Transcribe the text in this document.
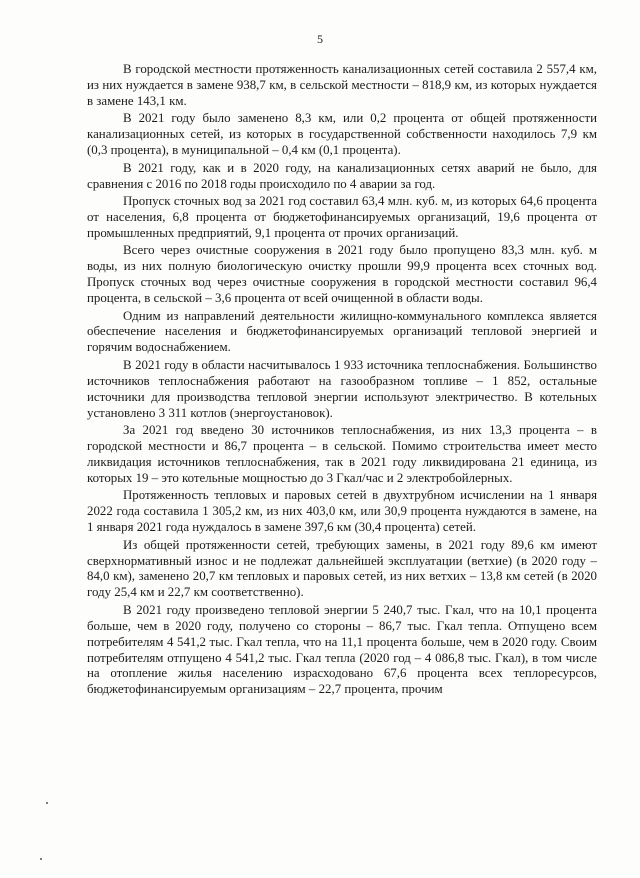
5

В городской местности протяженность канализационных сетей составила 2 557,4 км, из них нуждается в замене 938,7 км, в сельской местности – 818,9 км, из которых нуждается в замене 143,1 км.

В 2021 году было заменено 8,3 км, или 0,2 процента от общей протяженности канализационных сетей, из которых в государственной собственности находилось 7,9 км (0,3 процента), в муниципальной – 0,4 км (0,1 процента).

В 2021 году, как и в 2020 году, на канализационных сетях аварий не было, для сравнения с 2016 по 2018 годы происходило по 4 аварии за год.

Пропуск сточных вод за 2021 год составил 63,4 млн. куб. м, из которых 64,6 процента от населения, 6,8 процента от бюджетофинансируемых организаций, 19,6 процента от промышленных предприятий, 9,1 процента от прочих организаций.

Всего через очистные сооружения в 2021 году было пропущено 83,3 млн. куб. м воды, из них полную биологическую очистку прошли 99,9 процента всех сточных вод. Пропуск сточных вод через очистные сооружения в городской местности составил 96,4 процента, в сельской – 3,6 процента от всей очищенной в области воды.

Одним из направлений деятельности жилищно-коммунального комплекса является обеспечение населения и бюджетофинансируемых организаций тепловой энергией и горячим водоснабжением.

В 2021 году в области насчитывалось 1 933 источника теплоснабжения. Большинство источников теплоснабжения работают на газообразном топливе – 1 852, остальные источники для производства тепловой энергии используют электричество. В котельных установлено 3 311 котлов (энергоустановок).

За 2021 год введено 30 источников теплоснабжения, из них 13,3 процента – в городской местности и 86,7 процента – в сельской. Помимо строительства имеет место ликвидация источников теплоснабжения, так в 2021 году ликвидирована 21 единица, из которых 19 – это котельные мощностью до 3 Гкал/час и 2 электробойлерных.

Протяженность тепловых и паровых сетей в двухтрубном исчислении на 1 января 2022 года составила 1 305,2 км, из них 403,0 км, или 30,9 процента нуждаются в замене, на 1 января 2021 года нуждалось в замене 397,6 км (30,4 процента) сетей.

Из общей протяженности сетей, требующих замены, в 2021 году 89,6 км имеют сверхнормативный износ и не подлежат дальнейшей эксплуатации (ветхие) (в 2020 году – 84,0 км), заменено 20,7 км тепловых и паровых сетей, из них ветхих – 13,8 км сетей (в 2020 году 25,4 км и 22,7 км соответственно).

В 2021 году произведено тепловой энергии 5 240,7 тыс. Гкал, что на 10,1 процента больше, чем в 2020 году, получено со стороны – 86,7 тыс. Гкал тепла. Отпущено всем потребителям 4 541,2 тыс. Гкал тепла, что на 11,1 процента больше, чем в 2020 году. Своим потребителям отпущено 4 541,2 тыс. Гкал тепла (2020 год – 4 086,8 тыс. Гкал), в том числе на отопление жилья населению израсходовано 67,6 процента всех теплоресурсов, бюджетофинансируемым организациям – 22,7 процента, прочим
